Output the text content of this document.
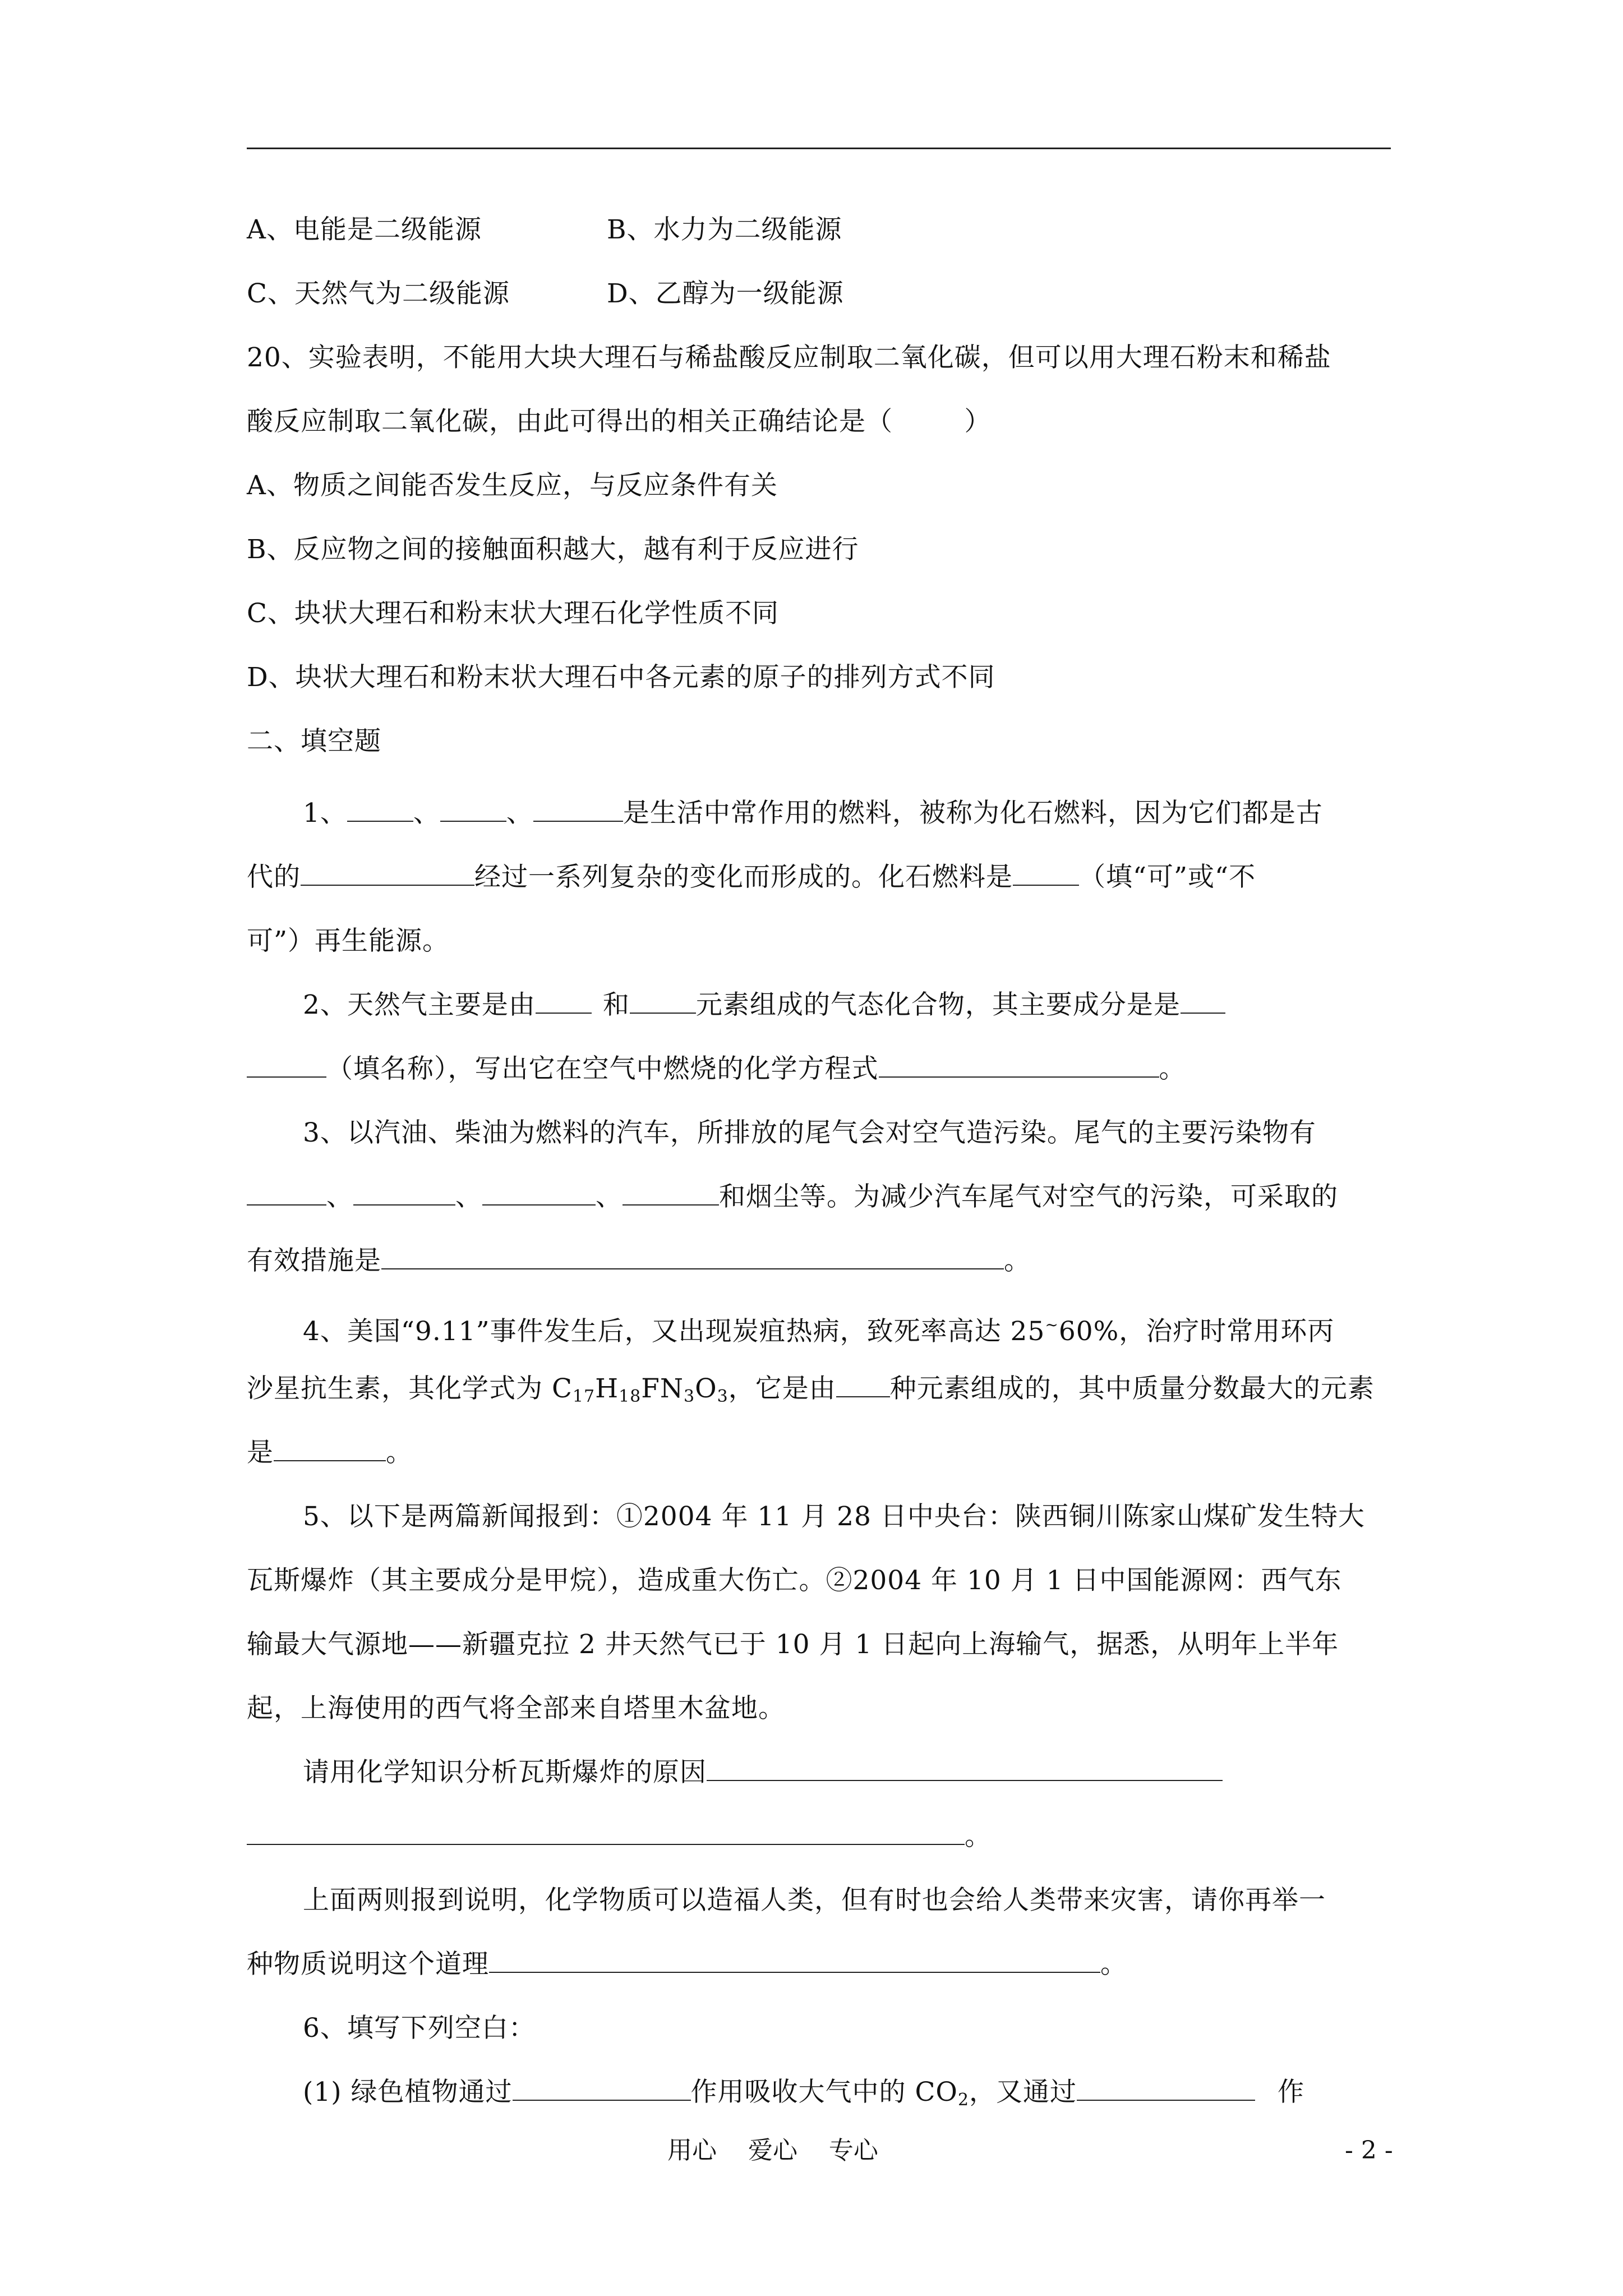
A、电能是二级能源	B、水力为二级能源
C、天然气为二级能源	D、乙醇为一级能源
20、实验表明，不能用大块大理石与稀盐酸反应制取二氧化碳，但可以用大理石粉末和稀盐
酸反应制取二氧化碳，由此可得出的相关正确结论是（        ）
A、物质之间能否发生反应，与反应条件有关
B、反应物之间的接触面积越大，越有利于反应进行
C、块状大理石和粉末状大理石化学性质不同
D、块状大理石和粉末状大理石中各元素的原子的排列方式不同
二、填空题
1、	、	、	是生活中常作用的燃料，被称为化石燃料，因为它们都是古
代的	经过一系列复杂的变化而形成的。化石燃料是	（填“可”或“不
可”）再生能源。
2、天然气主要是由	和	元素组成的气态化合物，其主要成分是是
（填名称），写出它在空气中燃烧的化学方程式	。
3、以汽油、柴油为燃料的汽车，所排放的尾气会对空气造污染。尾气的主要污染物有
、	、	、	和烟尘等。为减少汽车尾气对空气的污染，可采取的
有效措施是	。
4、美国“9.11”事件发生后，又出现炭疽热病，致死率高达 25~60%，治疗时常用环丙
沙星抗生素，其化学式为 $C_{17}H_{18}FN_3O_3$，它是由 种元素组成的，其中质量分数最大的元素
是	。
5、以下是两篇新闻报到：①2004 年 11 月 28 日中央台：陕西铜川陈家山煤矿发生特大
瓦斯爆炸（其主要成分是甲烷），造成重大伤亡。②2004 年 10 月 1 日中国能源网：西气东
输最大气源地——新疆克拉 2 井天然气已于 10 月 1 日起向上海输气，据悉，从明年上半年
起，上海使用的西气将全部来自塔里木盆地。
请用化学知识分析瓦斯爆炸的原因
。
上面两则报到说明，化学物质可以造福人类，但有时也会给人类带来灾害，请你再举一
种物质说明这个道理	。
6、填写下列空白：
(1) 绿色植物通过	作用吸收大气中的 $CO_2$，又通过	作
用心    爱心    专心	- 2 -
